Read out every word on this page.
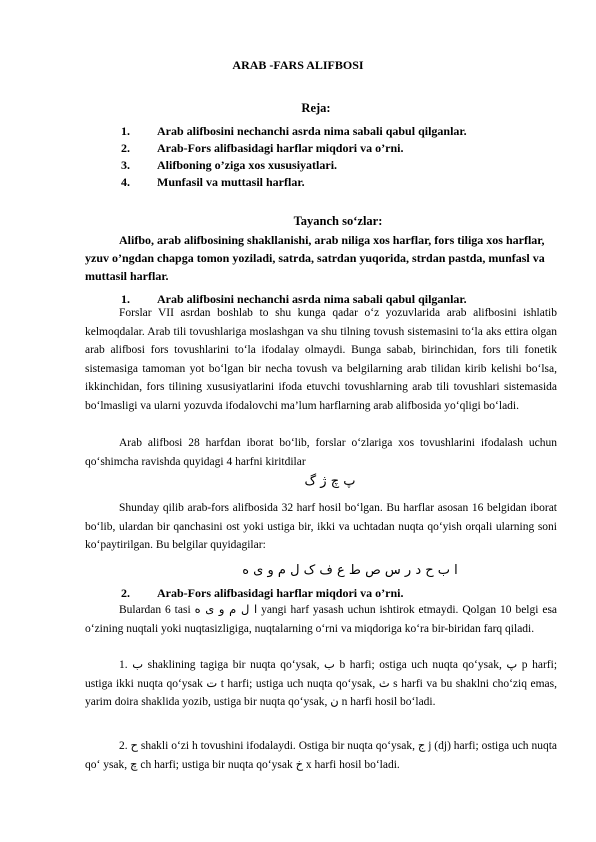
ARAB -FARS ALIFBOSI
Reja:
1. Arab alifbosini nechanchi asrda nima sabali qabul qilganlar.
2. Arab-Fors alifbasidagi harflar miqdori va o’rni.
3. Alifboning o’ziga xos xususiyatlari.
4. Munfasil va muttasil harflar.
Tayanch so‘zlar:

Alifbo, arab alifbosining shakllanishi, arab niliga xos harflar, fors tiliga xos harflar, yzuv o’ngdan chapga tomon yoziladi, satrda, satrdan yuqorida, strdan pastda, munfasl va muttasil harflar.

1. Arab alifbosini nechanchi asrda nima sabali qabul qilganlar.

Forslar VII asrdan boshlab to shu kunga qadar o‘z yozuvlarida arab alifbosini ishlatib kelmoqdalar. Arab tili tovushlariga moslashgan va shu tilning tovush sistemasini to‘la aks ettira olgan arab alifbosi fors tovushlarini to‘la ifodalay olmaydi. Bunga sabab, birinchidan, fors tili fonetik sistemasiga tamoman yot bo‘lgan bir necha tovush va belgilarning arab tilidan kirib kelishi bo‘lsa, ikkinchidan, fors tilining xususiyatlarini ifoda etuvchi tovushlarning arab tili tovushlari sistemasida bo‘lmasligi va ularni yozuvda ifodalovchi ma’lum harflarning arab alifbosida yo‘qligi bo‘ladi.

Arab alifbosi 28 harfdan iborat bo‘lib, forslar o‘zlariga xos tovushlarini ifodalash uchun qo‘shimcha ravishda quyidagi 4 harfni kiritdilar

پ چ ژ گ

Shunday qilib arab-fors alifbosida 32 harf hosil bo‘lgan. Bu harflar asosan 16 belgidan iborat bo‘lib, ulardan bir qanchasini ost yoki ustiga bir, ikki va uchtadan nuqta qo‘yish orqali ularning soni ko‘paytirilgan. Bu belgilar quyidagilar:

ا ب ح د ر س ص ط ع ف ک ل م و ی ه
2. Arab-Fors alifbasidagi harflar miqdori va o’rni.

Bulardan 6 tasi ا ل م و ی ه yangi harf yasash uchun ishtirok etmaydi. Qolgan 10 belgi esa o‘zining nuqtali yoki nuqtasizligiga, nuqtalarning o‘rni va miqdoriga ko‘ra bir-biridan farq qiladi.

1. ب shaklining tagiga bir nuqta qo‘ysak, ب b harfi; ostiga uch nuqta qo‘ysak, پ p harfi; ustiga ikki nuqta qo‘ysak ت t harfi; ustiga uch nuqta qo‘ysak, ث s harfi va bu shaklni cho‘ziq emas, yarim doira shaklida yozib, ustiga bir nuqta qo‘ysak, ن n harfi hosil bo‘ladi.

2. ح shakli o‘zi h tovushini ifodalaydi. Ostiga bir nuqta qo‘ysak, ج j (dj) harfi; ostiga uch nuqta qo‘ ysak, چ ch harfi; ustiga bir nuqta qo‘ysak خ x harfi hosil bo‘ladi.
